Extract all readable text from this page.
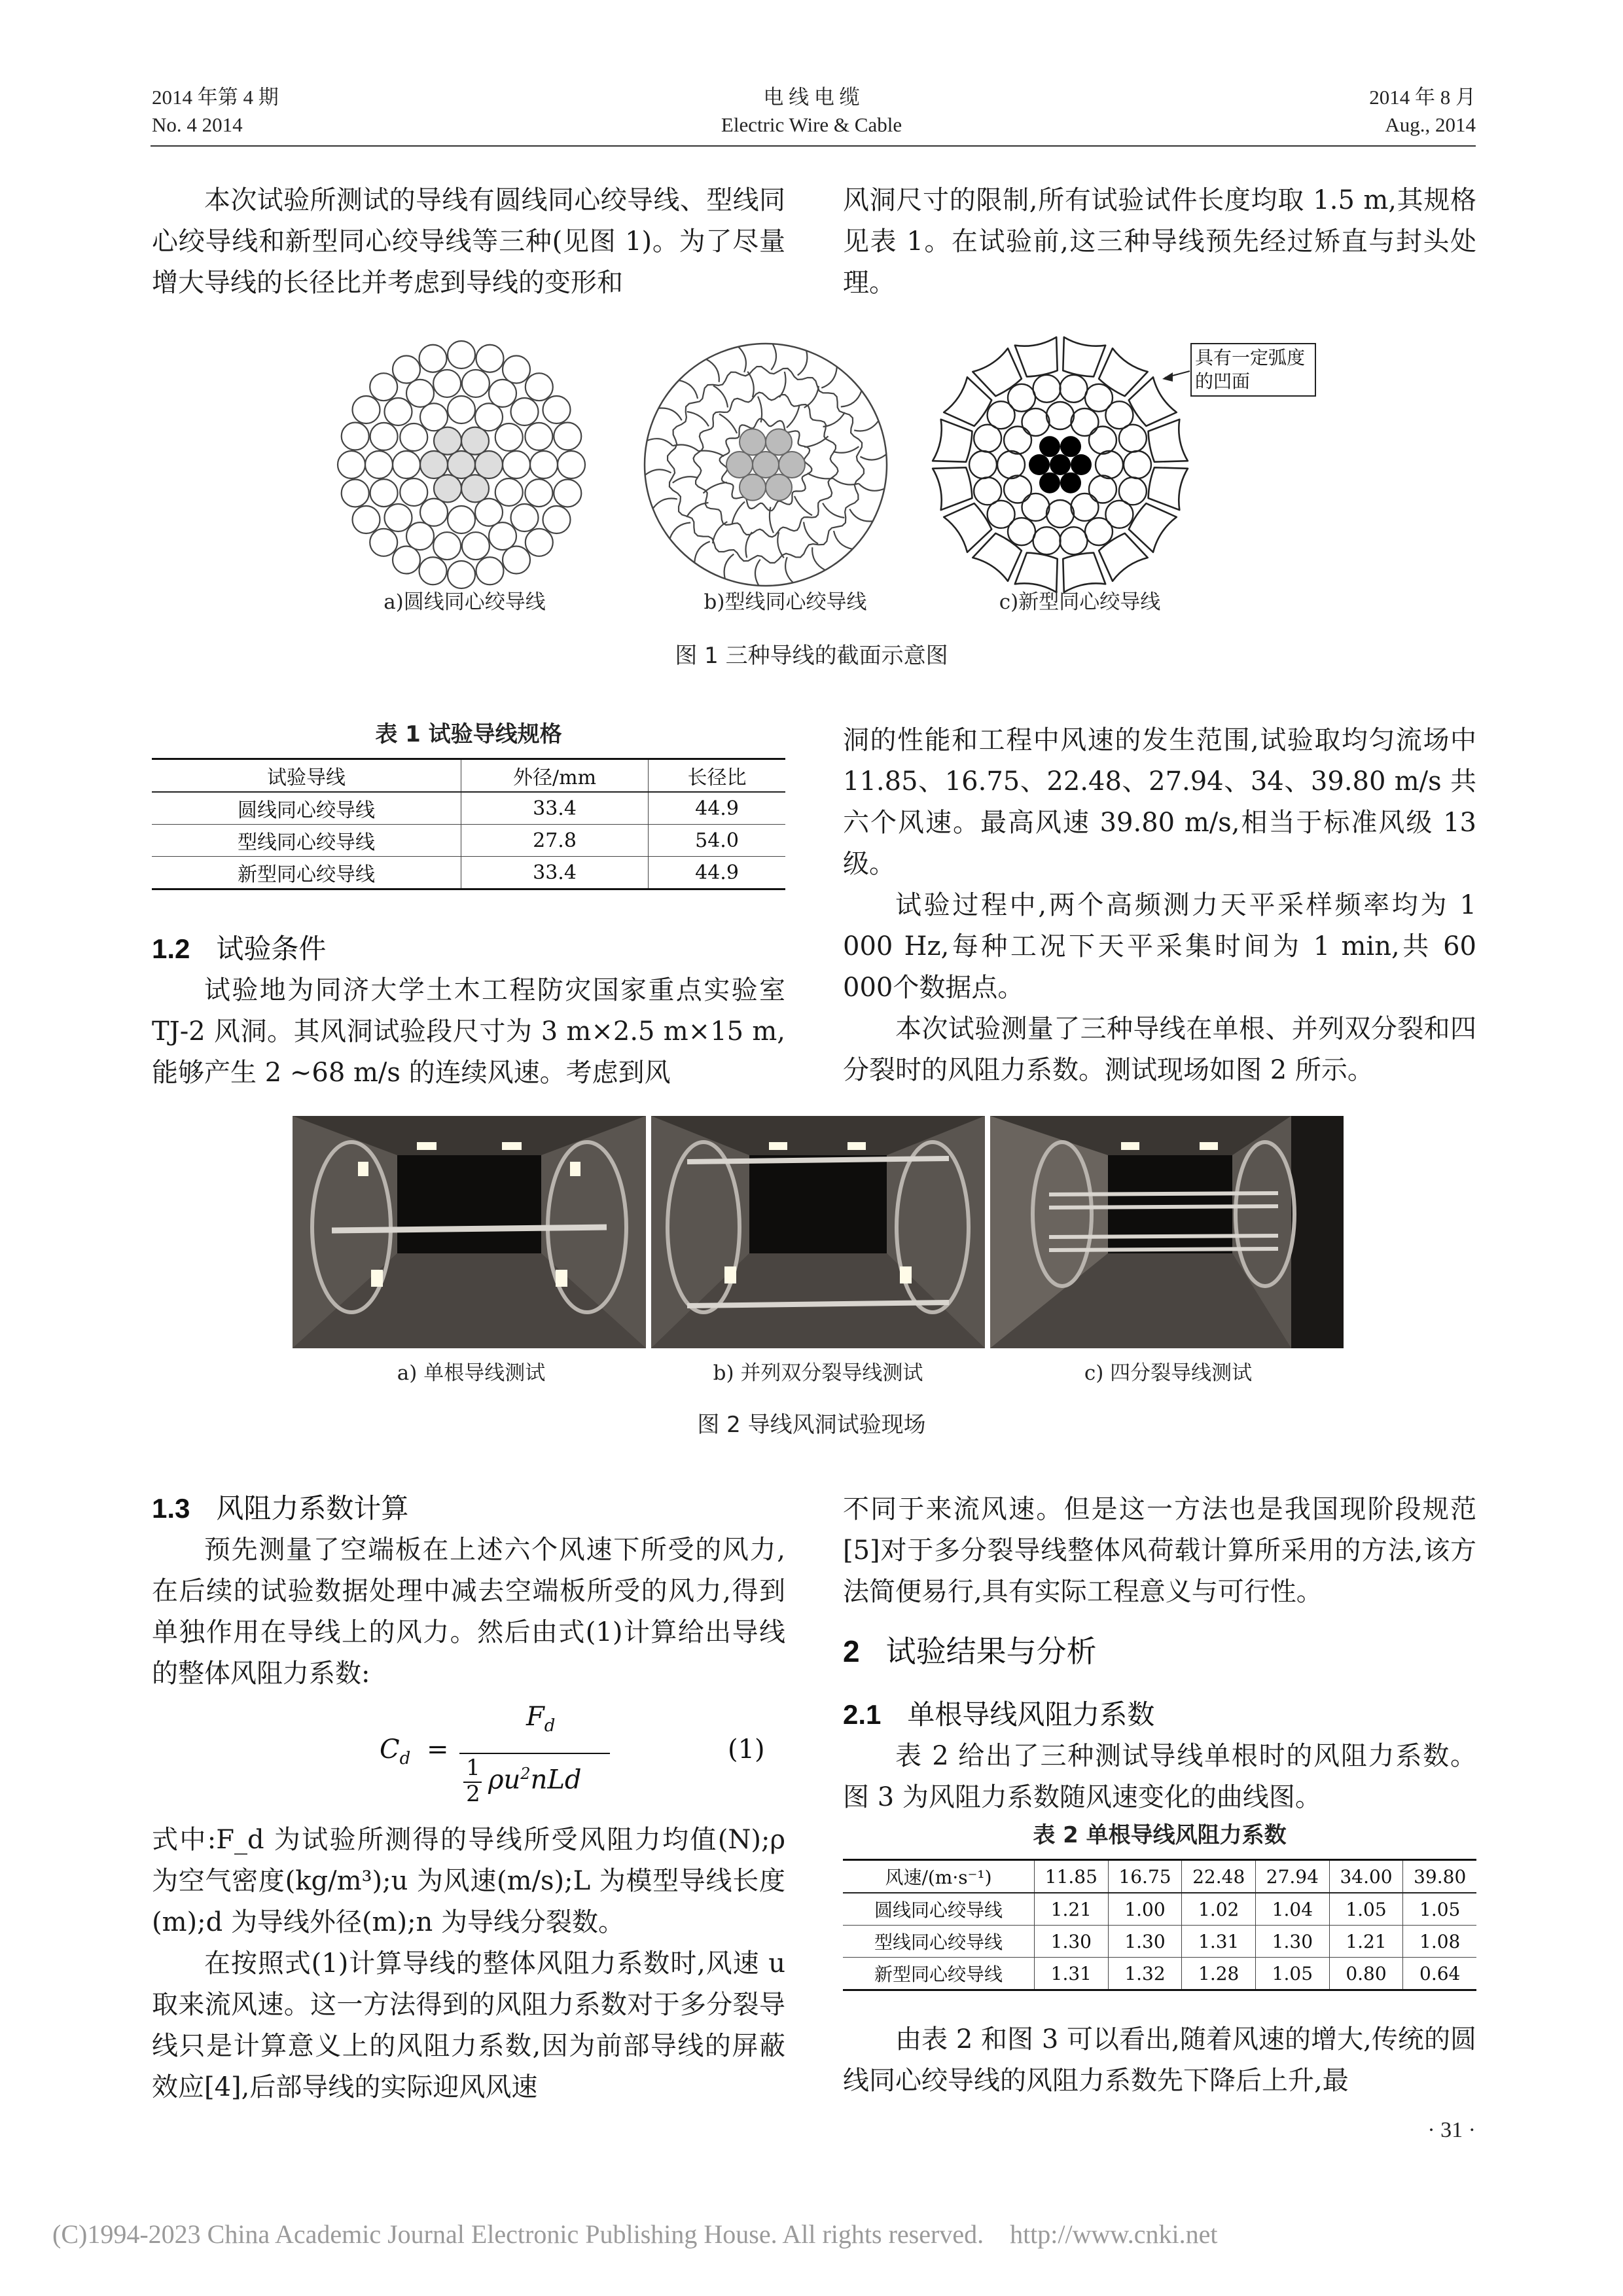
2014 年第 4 期
No. 4 2014
电 线 电 缆
Electric Wire & Cable
2014 年 8 月
Aug., 2014

本次试验所测试的导线有圆线同心绞导线、型线同心绞导线和新型同心绞导线等三种(见图 1)。为了尽量增大导线的长径比并考虑到导线的变形和

风洞尺寸的限制,所有试验试件长度均取 1.5 m,其规格见表 1。在试验前,这三种导线预先经过矫直与封头处理。

具有一定弧度的凹面
a)圆线同心绞导线	b)型线同心绞导线	c)新型同心绞导线
图 1 三种导线的截面示意图
表 1 试验导线规格
试验导线	外径/mm	长径比
圆线同心绞导线	33.4	44.9
型线同心绞导线	27.8	54.0
新型同心绞导线	33.4	44.9
1.2 试验条件

试验地为同济大学土木工程防灾国家重点实验室 TJ-2 风洞。其风洞试验段尺寸为 3 m×2.5 m×15 m,能够产生 2 ~68 m/s 的连续风速。考虑到风

洞的性能和工程中风速的发生范围,试验取均匀流场中 11.85、16.75、22.48、27.94、34、39.80 m/s 共六个风速。最高风速 39.80 m/s,相当于标准风级 13 级。

试验过程中,两个高频测力天平采样频率均为 1 000 Hz,每种工况下天平采集时间为 1 min,共 60 000个数据点。

本次试验测量了三种导线在单根、并列双分裂和四分裂时的风阻力系数。测试现场如图 2 所示。

a) 单根导线测试	b) 并列双分裂导线测试	c) 四分裂导线测试
图 2 导线风洞试验现场
1.3 风阻力系数计算

预先测量了空端板在上述六个风速下所受的风力,在后续的试验数据处理中减去空端板所受的风力,得到单独作用在导线上的风力。然后由式(1)计算给出导线的整体风阻力系数:

$C_d$ =
$F_d$
1
2 $\rho u^2nLd$
(1)

式中:F_d 为试验所测得的导线所受风阻力均值(N);ρ 为空气密度(kg/m³);u 为风速(m/s);L 为模型导线长度(m);d 为导线外径(m);n 为导线分裂数。

在按照式(1)计算导线的整体风阻力系数时,风速 u 取来流风速。这一方法得到的风阻力系数对于多分裂导线只是计算意义上的风阻力系数,因为前部导线的屏蔽效应[4],后部导线的实际迎风风速

不同于来流风速。但是这一方法也是我国现阶段规范[5]对于多分裂导线整体风荷载计算所采用的方法,该方法简便易行,具有实际工程意义与可行性。

2 试验结果与分析
2.1 单根导线风阻力系数

表 2 给出了三种测试导线单根时的风阻力系数。图 3 为风阻力系数随风速变化的曲线图。

表 2 单根导线风阻力系数
风速/(m·s⁻¹)	11.85	16.75	22.48	27.94	34.00	39.80
圆线同心绞导线	1.21	1.00	1.02	1.04	1.05	1.05
型线同心绞导线	1.30	1.30	1.31	1.30	1.21	1.08
新型同心绞导线	1.31	1.32	1.28	1.05	0.80	0.64

由表 2 和图 3 可以看出,随着风速的增大,传统的圆线同心绞导线的风阻力系数先下降后上升,最

· 31 ·
(C)1994-2023 China Academic Journal Electronic Publishing House. All rights reserved.    http://www.cnki.net
